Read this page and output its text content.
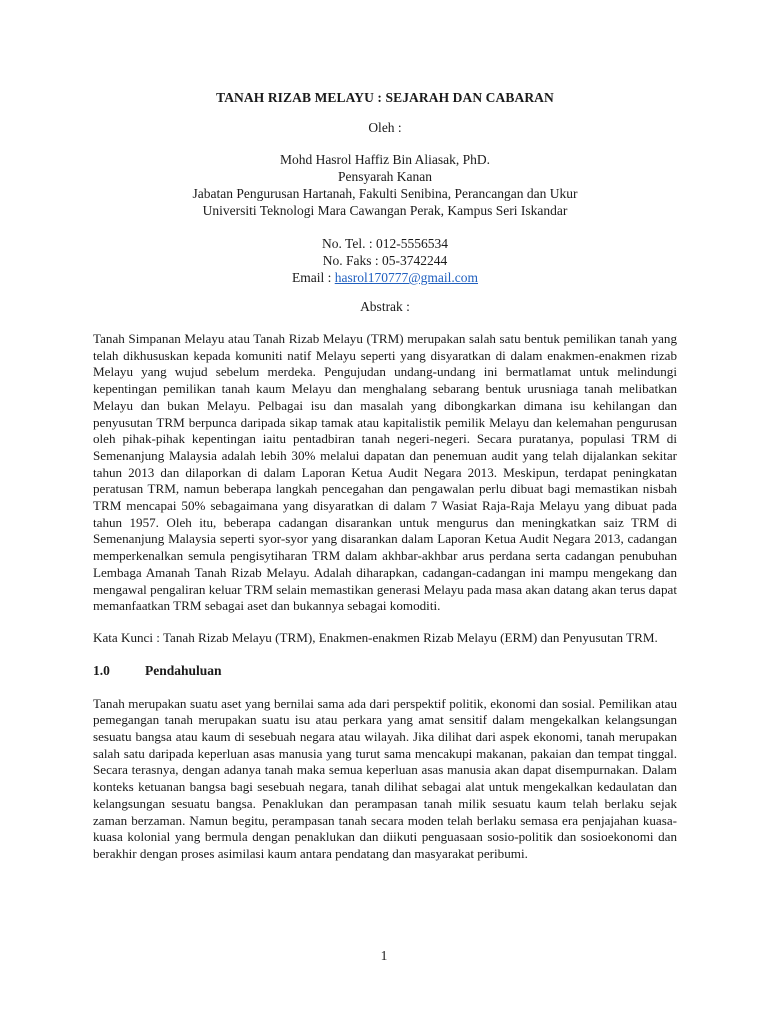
TANAH RIZAB MELAYU : SEJARAH DAN CABARAN

Oleh :

Mohd Hasrol Haffiz Bin Aliasak, PhD.

Pensyarah Kanan

Jabatan Pengurusan Hartanah, Fakulti Senibina, Perancangan dan Ukur

Universiti Teknologi Mara Cawangan Perak, Kampus Seri Iskandar

No. Tel. : 012-5556534

No. Faks : 05-3742244

Email : hasrol170777@gmail.com

Abstrak :

Tanah Simpanan Melayu atau Tanah Rizab Melayu (TRM) merupakan salah satu bentuk pemilikan tanah yang telah dikhususkan kepada komuniti natif Melayu seperti yang disyaratkan di dalam enakmen-enakmen rizab Melayu yang wujud sebelum merdeka. Pengujudan undang-undang ini bermatlamat untuk melindungi kepentingan pemilikan tanah kaum Melayu dan menghalang sebarang bentuk urusniaga tanah melibatkan Melayu dan bukan Melayu. Pelbagai isu dan masalah yang dibongkarkan dimana isu kehilangan dan penyusutan TRM berpunca daripada sikap tamak atau kapitalistik pemilik Melayu dan kelemahan pengurusan oleh pihak-pihak kepentingan iaitu pentadbiran tanah negeri-negeri. Secara puratanya, populasi TRM di Semenanjung Malaysia adalah lebih 30% melalui dapatan dan penemuan audit yang telah dijalankan sekitar tahun 2013 dan dilaporkan di dalam Laporan Ketua Audit Negara 2013. Meskipun, terdapat peningkatan peratusan TRM, namun beberapa langkah pencegahan dan pengawalan perlu dibuat bagi memastikan nisbah TRM mencapai 50% sebagaimana yang disyaratkan di dalam 7 Wasiat Raja-Raja Melayu yang dibuat pada tahun 1957. Oleh itu, beberapa cadangan disarankan untuk mengurus dan meningkatkan saiz TRM di Semenanjung Malaysia seperti syor-syor yang disarankan dalam Laporan Ketua Audit Negara 2013, cadangan memperkenalkan semula pengisytiharan TRM dalam akhbar-akhbar arus perdana serta cadangan penubuhan Lembaga Amanah Tanah Rizab Melayu. Adalah diharapkan, cadangan-cadangan ini mampu mengekang dan mengawal pengaliran keluar TRM selain memastikan generasi Melayu pada masa akan datang akan terus dapat memanfaatkan TRM sebagai aset dan bukannya sebagai komoditi.

Kata Kunci : Tanah Rizab Melayu (TRM), Enakmen-enakmen Rizab Melayu (ERM) dan Penyusutan TRM.

1.0	Pendahuluan

Tanah merupakan suatu aset yang bernilai sama ada dari perspektif politik, ekonomi dan sosial. Pemilikan atau pemegangan tanah merupakan suatu isu atau perkara yang amat sensitif dalam mengekalkan kelangsungan sesuatu bangsa atau kaum di sesebuah negara atau wilayah. Jika dilihat dari aspek ekonomi, tanah merupakan salah satu daripada keperluan asas manusia yang turut sama mencakupi makanan, pakaian dan tempat tinggal. Secara terasnya, dengan adanya tanah maka semua keperluan asas manusia akan dapat disempurnakan. Dalam konteks ketuanan bangsa bagi sesebuah negara, tanah dilihat sebagai alat untuk mengekalkan kedaulatan dan kelangsungan sesuatu bangsa. Penaklukan dan perampasan tanah milik sesuatu kaum telah berlaku sejak zaman berzaman. Namun begitu, perampasan tanah secara moden telah berlaku semasa era penjajahan kuasa-kuasa kolonial yang bermula dengan penaklukan dan diikuti penguasaan sosio-politik dan sosioekonomi dan berakhir dengan proses asimilasi kaum antara pendatang dan masyarakat peribumi.

1
